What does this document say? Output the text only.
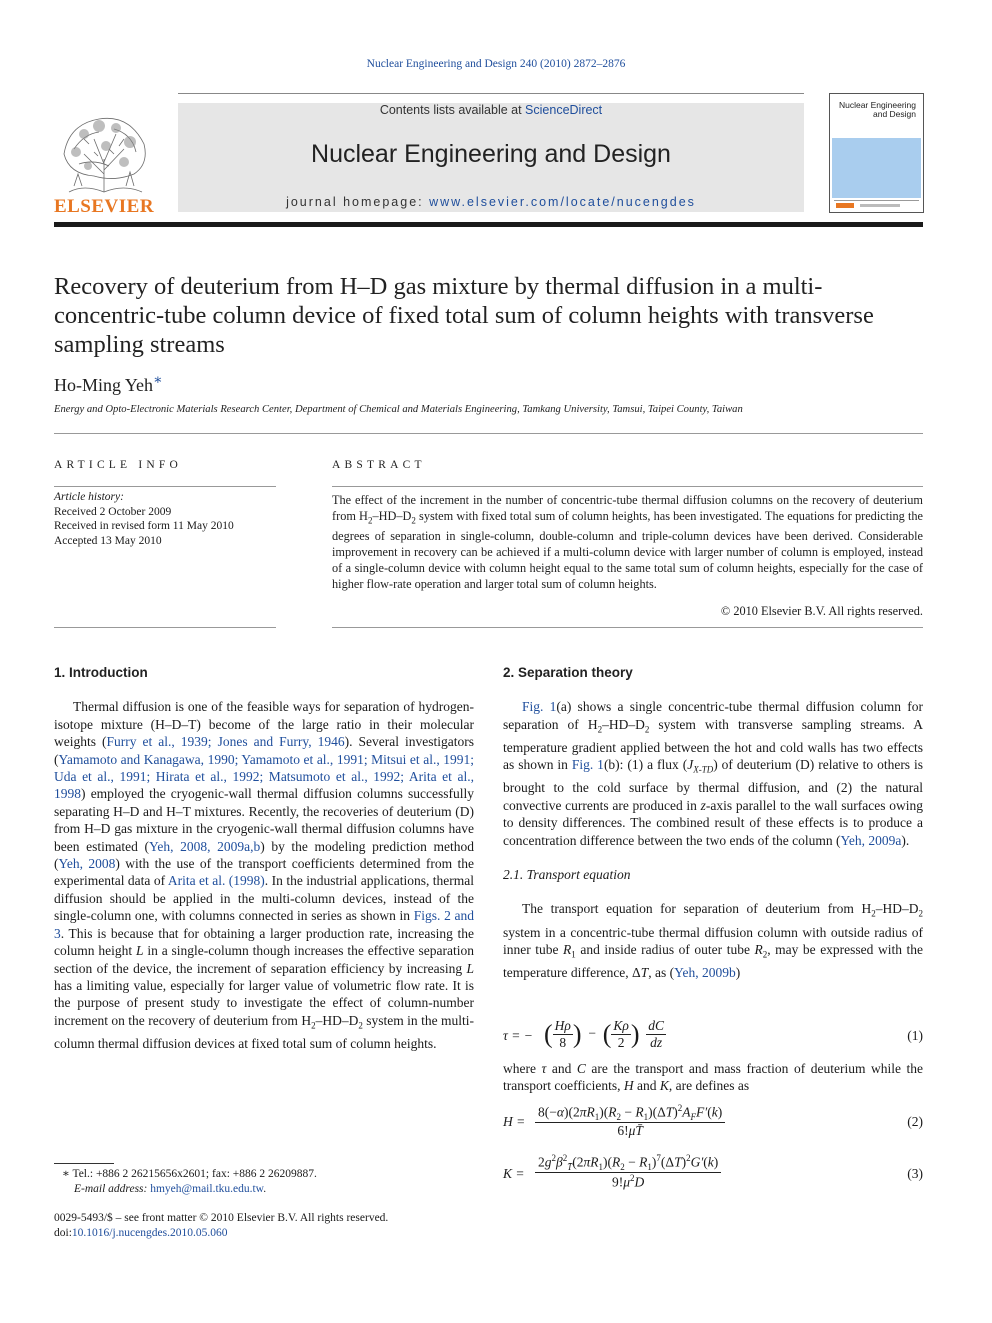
Nuclear Engineering and Design 240 (2010) 2872–2876
ELSEVIER
Contents lists available at ScienceDirect
Nuclear Engineering and Design
journal homepage: www.elsevier.com/locate/nucengdes
Nuclear Engineering and Design
Recovery of deuterium from H–D gas mixture by thermal diffusion in a multi-concentric-tube column device of fixed total sum of column heights with transverse sampling streams
Ho-Ming Yeh∗
Energy and Opto-Electronic Materials Research Center, Department of Chemical and Materials Engineering, Tamkang University, Tamsui, Taipei County, Taiwan
ARTICLE INFO
Article history:
Received 2 October 2009
Received in revised form 11 May 2010
Accepted 13 May 2010
ABSTRACT
The effect of the increment in the number of concentric-tube thermal diffusion columns on the recovery of deuterium from $H_2-HD-D_2$ system with fixed total sum of column heights, has been investigated. The equations for predicting the degrees of separation in single-column, double-column and triple-column devices have been derived. Considerable improvement in recovery can be achieved if a multi-column device with larger number of column is employed, instead of a single-column device with column height equal to the same total sum of column heights, especially for the case of higher flow-rate operation and larger total sum of column heights.
© 2010 Elsevier B.V. All rights reserved.
1. Introduction

Thermal diffusion is one of the feasible ways for separation of hydrogen-isotope mixture (H–D–T) become of the large ratio in their molecular weights (Furry et al., 1939; Jones and Furry, 1946). Several investigators (Yamamoto and Kanagawa, 1990; Yamamoto et al., 1991; Mitsui et al., 1991; Uda et al., 1991; Hirata et al., 1992; Matsumoto et al., 1992; Arita et al., 1998) employed the cryogenic-wall thermal diffusion columns successfully separating H–D and H–T mixtures. Recently, the recoveries of deuterium (D) from H–D gas mixture in the cryogenic-wall thermal diffusion columns have been estimated (Yeh, 2008, 2009a,b) by the modeling prediction method (Yeh, 2008) with the use of the transport coefficients determined from the experimental data of Arita et al. (1998). In the industrial applications, thermal diffusion should be applied in the multi-column devices, instead of the single-column one, with columns connected in series as shown in Figs. 2 and 3. This is because that for obtaining a larger production rate, increasing the column height L in a single-column though increases the effective separation section of the device, the increment of separation efficiency by increasing L has a limiting value, especially for larger value of volumetric flow rate. It is the purpose of present study to investigate the effect of column-number increment on the recovery of deuterium from $H_2-HD-D_2$ system in the multi-column thermal diffusion devices at fixed total sum of column heights.

∗ Tel.: +886 2 26215656x2601; fax: +886 2 26209887.
E-mail address: hmyeh@mail.tku.edu.tw.
0029-5493/$ – see front matter © 2010 Elsevier B.V. All rights reserved.
doi:10.1016/j.nucengdes.2010.05.060
2. Separation theory

Fig. 1(a) shows a single concentric-tube thermal diffusion column for separation of $H_2-HD-D_2$ system with transverse sampling streams. A temperature gradient applied between the hot and cold walls has two effects as shown in Fig. 1(b): (1) a flux $(J_{X-TD})$ of deuterium (D) relative to others is brought to the cold surface by thermal diffusion, and (2) the natural convective currents are produced in z-axis parallel to the wall surfaces owing to density differences. The combined result of these effects is to produce a concentration difference between the two ends of the column (Yeh, 2009a).

2.1. Transport equation

The transport equation for separation of deuterium from $H_2-HD-D_2$ system in a concentric-tube thermal diffusion column with outside radius of inner tube $R_1$ and inside radius of outer tube $R_2$, may be expressed with the temperature difference, ΔT, as (Yeh, 2009b)

τ = − ( $\frac{H\rho}{8}$ )  −  ( $\frac{K\rho}{2}$ ) $\frac{dC}{dz}$	(1)

where τ and C are the transport and mass fraction of deuterium while the transport coefficients, H and K, are defines as

H =
$8(-\alpha)(2\pi R_1)(R_2 - R_1)(\Delta T)^2A_FF'(k)$
6!μT̄
(2)
$K = \frac{2g^2\beta^2_{T̄}(2\pi R_1)(R_2 - R_1)^7(\Delta T)^2G'(k)}{9!\mu^2D}$	(3)
